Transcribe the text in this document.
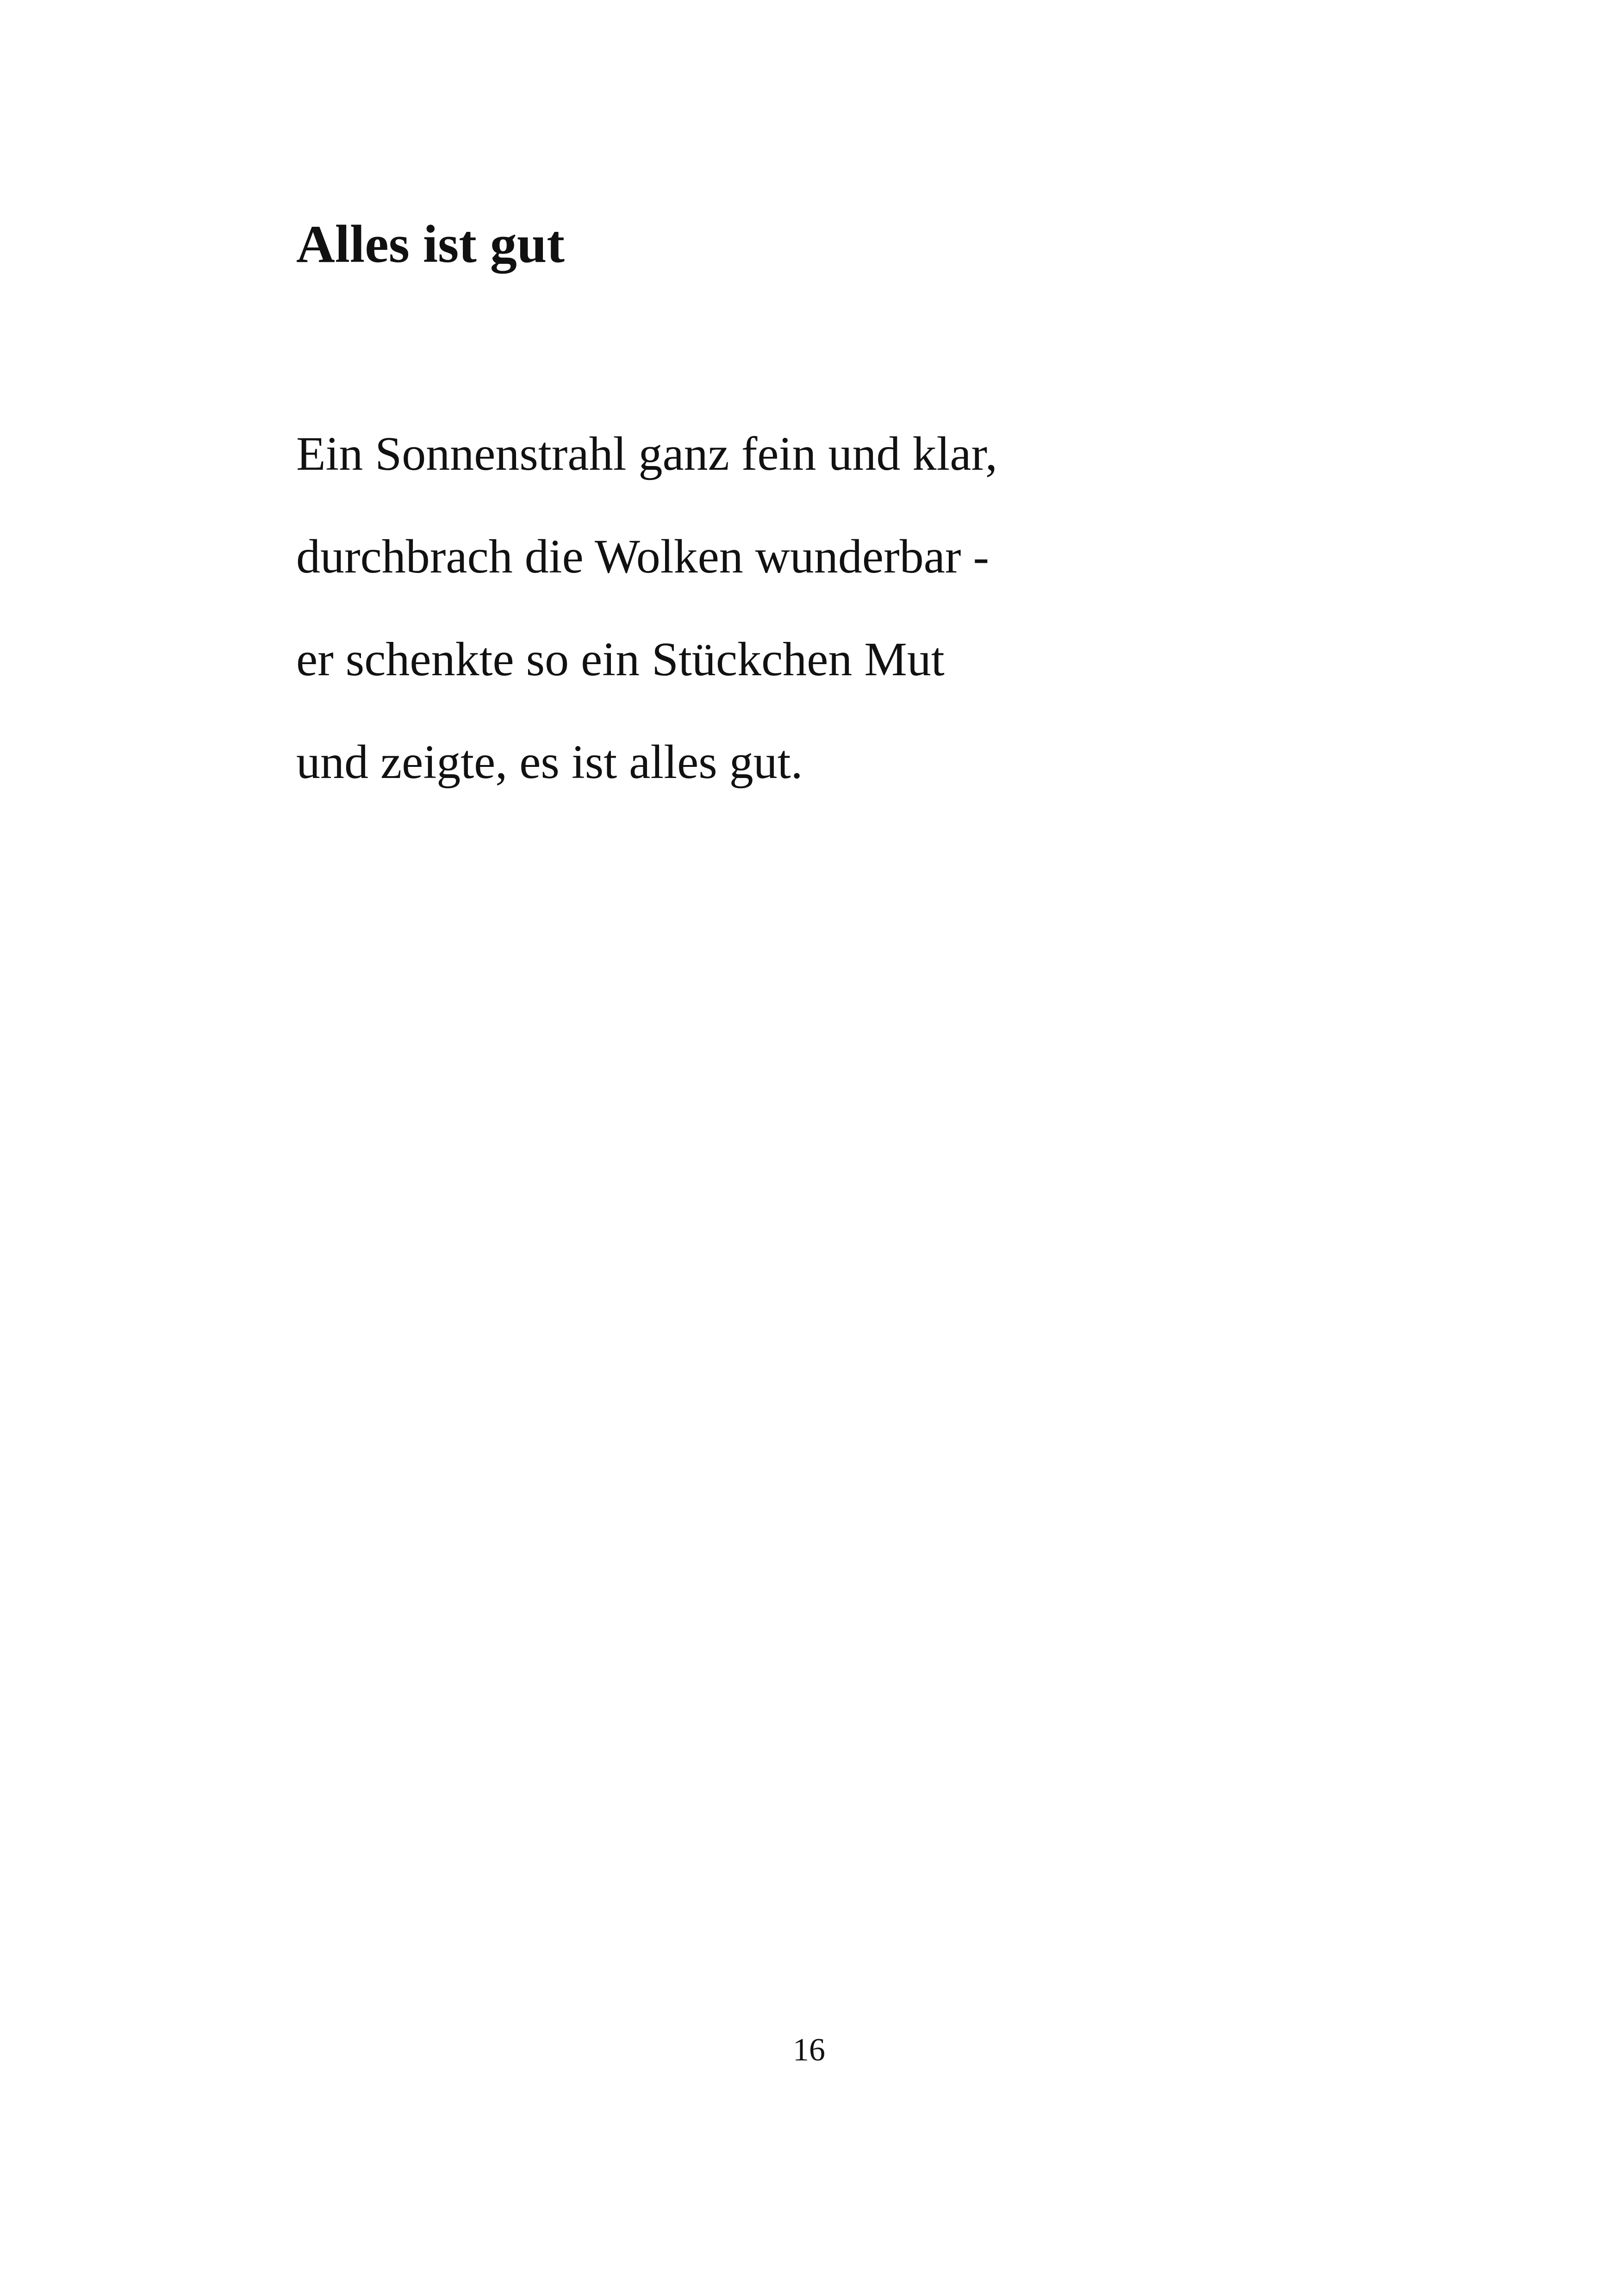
Alles ist gut
Ein Sonnenstrahl ganz fein und klar,
durchbrach die Wolken wunderbar -
er schenkte so ein Stückchen Mut
und zeigte, es ist alles gut.
16
